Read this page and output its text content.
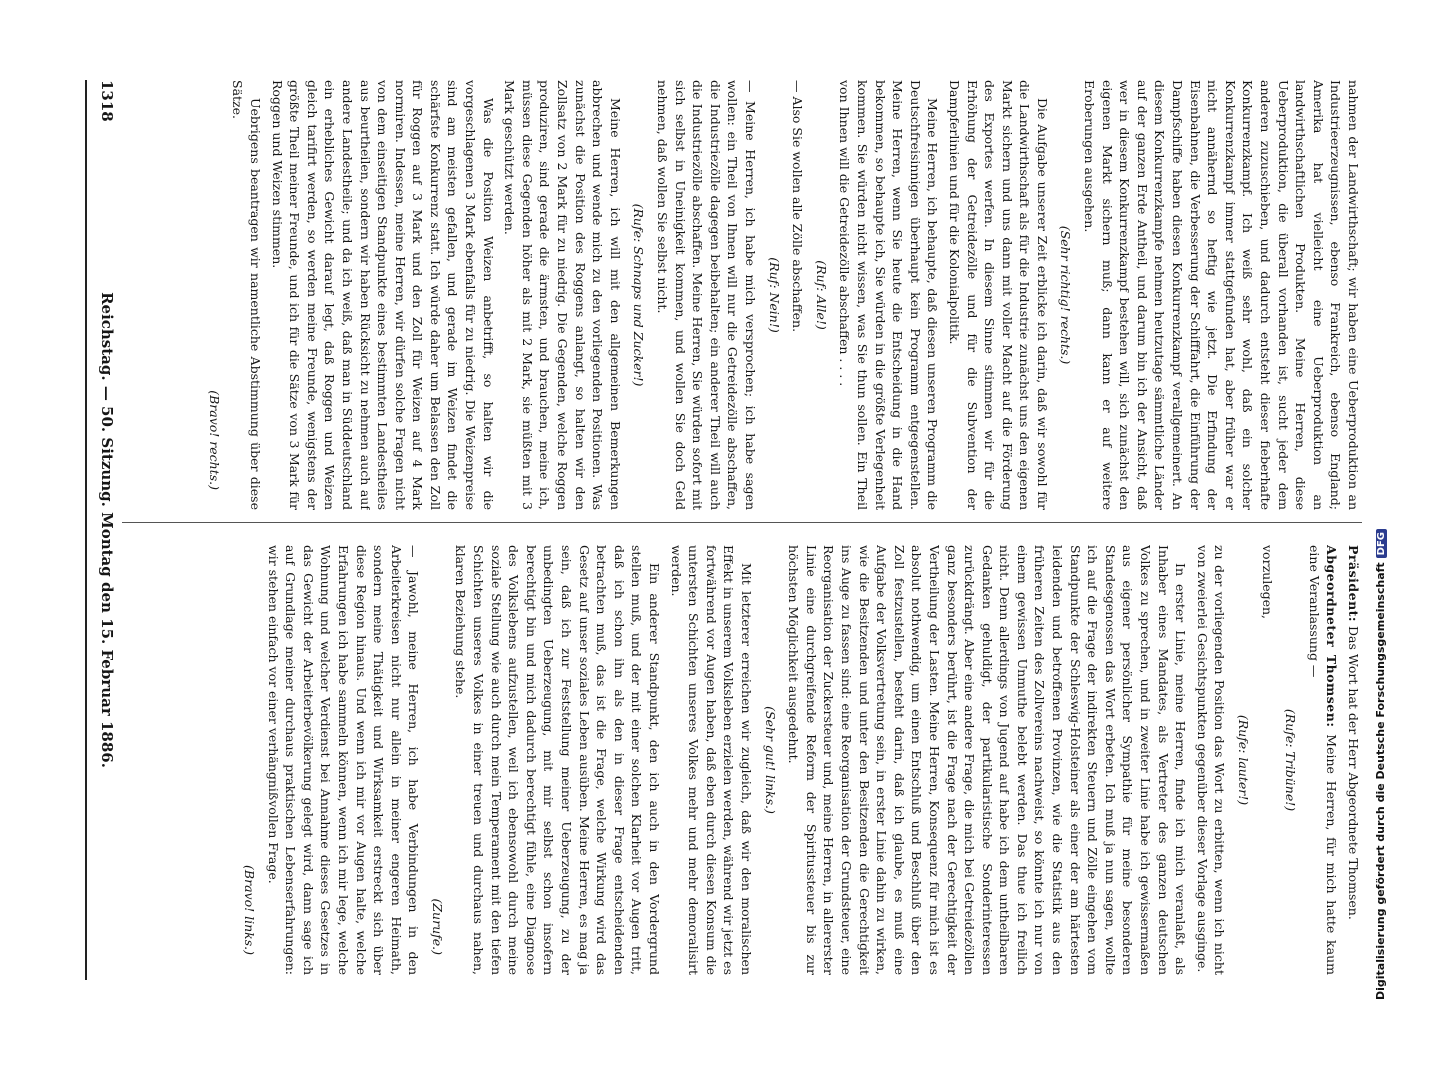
1318
Reichstag. — 50. Sitzung. Montag den 15. Februar 1886.	nahmen der Landwirthschaft; wir haben eine Ueberproduktion an Industrieerzeugnissen, ebenso Frankreich, ebenso England; Amerika hat vielleicht eine Ueberproduktion an landwirthschaftlichen Produkten. Meine Herren, diese Ueberproduktion, die überall vorhanden ist, sucht jeder dem anderen zuzuschieben, und dadurch entsteht dieser fieberhafte Konkurrenzkampf. Ich weiß sehr wohl, daß ein solcher Konkurrenzkampf immer stattgefunden hat, aber früher war er nicht annähernd so heftig wie jetzt. Die Erfindung der Eisenbahnen, die Verbesserung der Schifffahrt, die Einführung der Dampfschiffe haben diesen Konkurrenzkampf verallgemeinert. An diesem Konkurrenzkampfe nehmen heutzutage sämmtliche Länder auf der ganzen Erde Antheil, und darum bin ich der Ansicht, daß wer in diesem Konkurrenzkampf bestehen will, sich zunächst den eigenen Markt sichern muß; dann kann er auf weitere Eroberungen ausgehen.

(Sehr richtig! rechts.)

Die Aufgabe unserer Zeit erblicke ich darin, daß wir sowohl für die Landwirthschaft als für die Industrie zunächst uns den eigenen Markt sichern und uns dann mit voller Macht auf die Förderung des Exportes werfen. In diesem Sinne stimmen wir für die Erhöhung der Getreidezölle und für die Subvention der Dampferlinien und für die Kolonialpolitik.

Meine Herren, ich behaupte, daß diesen unseren Programm die Deutschfreisinnigen überhaupt kein Programm entgegenstellen. Meine Herren, wenn Sie heute die Entscheidung in die Hand bekommen, so behaupte ich, Sie würden in die größte Verlegenheit kommen. Sie würden nicht wissen, was Sie thun sollen. Ein Theil von Ihnen will die Getreidezölle abschaffen . . . .

(Ruf: Alle!)

— Also Sie wollen alle Zölle abschaffen.

(Ruf: Nein!)

— Meine Herren, ich habe mich versprochen; ich habe sagen wollen: ein Theil von Ihnen will nur die Getreidezölle abschaffen, die Industriezölle dagegen beibehalten; ein anderer Theil will auch die Industriezölle abschaffen. Meine Herren, Sie würden sofort mit sich selbst in Uneinigkeit kommen, und wollen Sie doch Geld nehmen, daß wollen Sie selbst nicht.

(Rufe: Schnaps und Zucker!)

Meine Herren, ich will mit den allgemeinen Bemerkungen abbrechen und wende mich zu den vorliegenden Positionen. Was zunächst die Position des Roggens anlangt, so halten wir den Zollsatz von 2 Mark für zu niedrig. Die Gegenden, welche Roggen produziren, sind gerade die ärmsten, und brauchen, meine ich, müssen diese Gegenden höher als mit 2 Mark, sie müßten mit 3 Mark geschützt werden.

Was die Position Weizen anbetrifft, so halten wir die vorgeschlagenen 3 Mark ebenfalls für zu niedrig. Die Weizenpreise sind am meisten gefallen, und gerade im Weizen findet die schärfste Konkurrenz statt. Ich würde daher um Belassen den Zoll für Roggen auf 3 Mark und den Zoll für Weizen auf 4 Mark normiren. Indessen, meine Herren, wir dürfen solche Fragen nicht von dem einseitigen Standpunkte eines bestimmten Landestheiles aus beurtheilen, sondern wir haben Rücksicht zu nehmen auch auf andere Landestheile; und da ich weiß, daß man in Süddeutschland ein erhebliches Gewicht darauf legt, daß Roggen und Weizen gleich tarifirt werden, so werden meine Freunde, wenigstens der größte Theil meiner Freunde, und ich für die Sätze von 3 Mark für Roggen und Weizen stimmen.

Uebrigens beantragen wir namentliche Abstimmung über diese Sätze.

(Bravo! rechts.)

Präsident: Das Wort hat der Herr Abgeordnete Thomsen.

Abgeordneter Thomsen: Meine Herren, für mich hatte kaum eine Veranlassung —

(Rufe: Tribüne!)

vorzulegen,

(Rufe: lauter!)

zu der vorliegenden Position das Wort zu erbitten, wenn ich nicht von zweierlei Gesichtspunkten gegenüber dieser Vorlage ausginge.

In erster Linie, meine Herren, finde ich mich veranlaßt, als Inhaber eines Mandates, als Vertreter des ganzen deutschen Volkes zu sprechen, und in zweiter Linie habe ich gewissermaßen aus eigener persönlicher Sympathie für meine besonderen Standesgenossen das Wort erbeten. Ich muß ja nun sagen, wollte ich auf die Frage der indirekten Steuern und Zölle eingehen vom Standpunkte der Schleswig-Holsteiner als einer der am härtesten leidenden und betroffenen Provinzen, wie die Statistik aus den früheren Zeiten des Zollvereins nachweist, so könnte ich nur von einem gewissen Unmuthe belebt werden. Das thue ich freilich nicht. Denn allerdings von Jugend auf habe ich dem untheilbaren Gedanken gehuldigt, der partikularistische Sonderinteressen zurückdrängt. Aber eine andere Frage, die mich bei Getreidezöllen ganz besonders berührt, ist die Frage nach der Gerechtigkeit der Vertheilung der Lasten. Meine Herren, Konsequenz für mich ist es absolut nothwendig, um einen Entschluß und Beschluß über den Zoll festzustellen, besteht darin, daß ich glaube, es muß eine Aufgabe der Volksvertretung sein, in erster Linie dahin zu wirken, wie die Besitzenden und unter den Besitzenden die Gerechtigkeit ins Auge zu fassen sind: eine Reorganisation der Grundsteuer, eine Reorganisation der Zuckersteuer und, meine Herren, in allererster Linie eine durchgreifende Reform der Spiritussteuer bis zur höchsten Möglichkeit ausgedehnt.

(Sehr gut! links.)

Mit letzterer erreichen wir zugleich, daß wir den moralischen Effekt in unserem Volksleben erzielen werden, während wir jetzt es fortwährend vor Augen haben, daß eben durch diesen Konsum die untersten Schichten unseres Volkes mehr und mehr demoralisirt werden.

Ein anderer Standpunkt, den ich auch in den Vordergrund stellen muß, und der mit einer solchen Klarheit vor Augen tritt, daß ich schon ihn als den in dieser Frage entscheidenden betrachten muß, das ist die Frage, welche Wirkung wird das Gesetz auf unser soziales Leben ausüben. Meine Herren, es mag ja sein, daß ich zur Feststellung meiner Ueberzeugung, zu der unbedingten Ueberzeugung, mit mir selbst schon insofern berechtigt bin und mich dadurch berechtigt fühle, eine Diagnose des Volkslebens aufzustellen, weil ich ebensowohl durch meine soziale Stellung wie auch durch mein Temperament mit den tiefen Schichten unseres Volkes in einer treuen und durchaus nahen, klaren Beziehung stehe.

(Zurufe.)

— Jawohl, meine Herren, ich habe Verbindungen in den Arbeiterkreisen nicht nur allein in meiner engeren Heimath, sondern meine Thätigkeit und Wirksamkeit erstreckt sich über diese Region hinaus. Und wenn ich mir vor Augen halte, welche Erfahrungen ich habe sammeln können, wenn ich mir lege, welche Wohnung und welcher Verdienst bei Annahme dieses Gesetzes in das Gewicht der Arbeiterbevölkerung gelegt wird, dann sage ich auf Grundlage meiner durchaus praktischen Lebenserfahrungen: wir stehen einfach vor einer verhängnißvollen Frage.

(Bravo! links.)	Digitalisierung gefördert durch die Deutsche ForschungsgemeinschaftDFG
